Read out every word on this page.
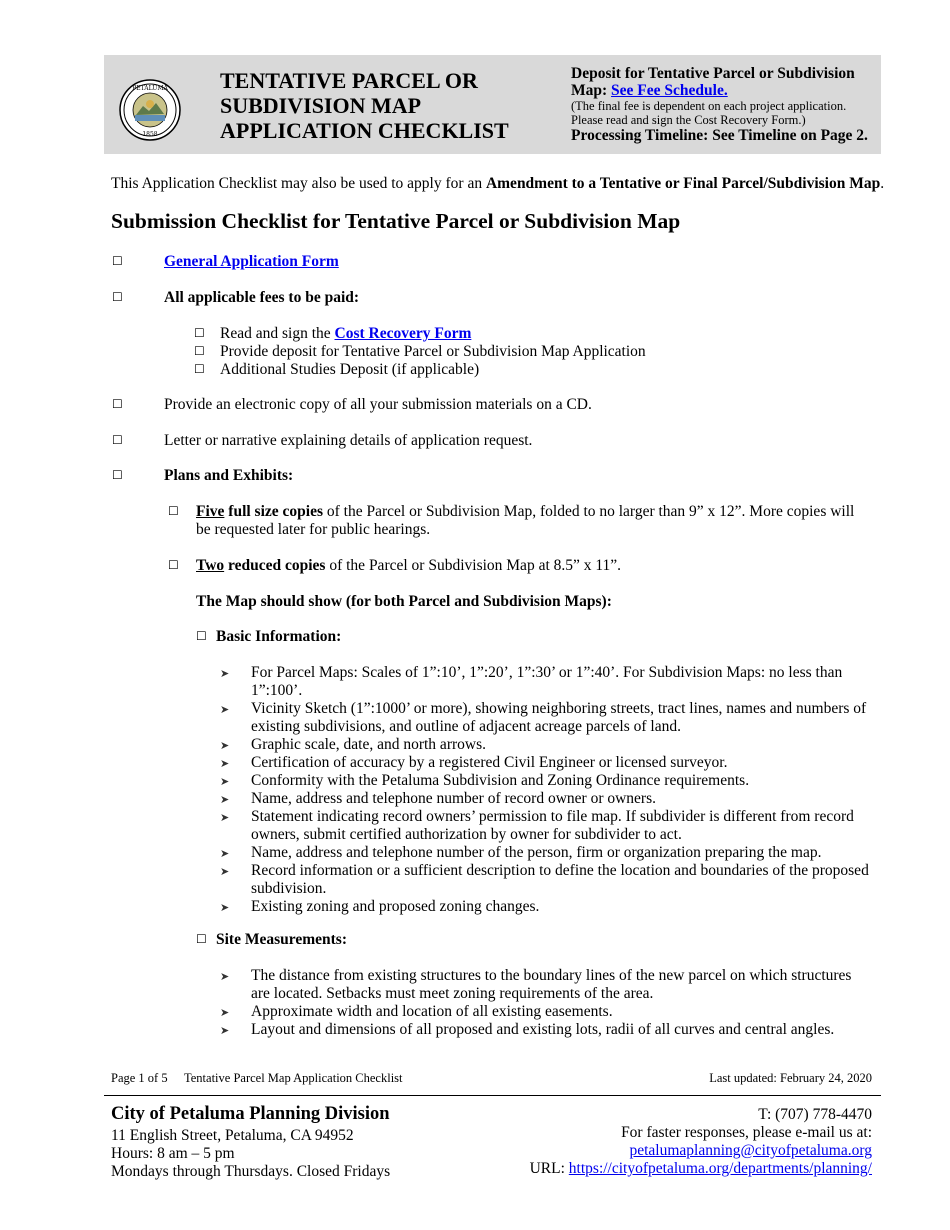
PETALUMA
1858
TENTATIVE PARCEL OR
SUBDIVISION MAP
APPLICATION CHECKLIST
Deposit for Tentative Parcel or Subdivision
Map: See Fee Schedule.
(The final fee is dependent on each project application.
Please read and sign the Cost Recovery Form.)
Processing Timeline: See Timeline on Page 2.
This Application Checklist may also be used to apply for an Amendment to a Tentative or Final Parcel/Subdivision Map.
Submission Checklist for Tentative Parcel or Subdivision Map
☐	General Application Form
☐	All applicable fees to be paid:
☐ Read and sign the Cost Recovery Form
☐ Provide deposit for Tentative Parcel or Subdivision Map Application
☐ Additional Studies Deposit (if applicable)
☐	Provide an electronic copy of all your submission materials on a CD.
☐	Letter or narrative explaining details of application request.
☐	Plans and Exhibits:
☐ Five full size copies of the Parcel or Subdivision Map, folded to no larger than 9” x 12”. More copies will
be requested later for public hearings.
☐ Two reduced copies of the Parcel or Subdivision Map at 8.5” x 11”.
The Map should show (for both Parcel and Subdivision Maps):
☐ Basic Information:
➤ For Parcel Maps: Scales of 1”:10’, 1”:20’, 1”:30’ or 1”:40’. For Subdivision Maps: no less than
1”:100’.
➤ Vicinity Sketch (1”:1000’ or more), showing neighboring streets, tract lines, names and numbers of
existing subdivisions, and outline of adjacent acreage parcels of land.
➤ Graphic scale, date, and north arrows.
➤ Certification of accuracy by a registered Civil Engineer or licensed surveyor.
➤ Conformity with the Petaluma Subdivision and Zoning Ordinance requirements.
➤ Name, address and telephone number of record owner or owners.
➤ Statement indicating record owners’ permission to file map. If subdivider is different from record
owners, submit certified authorization by owner for subdivider to act.
➤ Name, address and telephone number of the person, firm or organization preparing the map.
➤ Record information or a sufficient description to define the location and boundaries of the proposed
subdivision.
➤ Existing zoning and proposed zoning changes.
☐ Site Measurements:
➤ The distance from existing structures to the boundary lines of the new parcel on which structures
are located. Setbacks must meet zoning requirements of the area.
➤ Approximate width and location of all existing easements.
➤ Layout and dimensions of all proposed and existing lots, radii of all curves and central angles.
Page 1 of 5 Tentative Parcel Map Application Checklist	Last updated: February 24, 2020
City of Petaluma Planning Division
11 English Street, Petaluma, CA 94952
Hours: 8 am – 5 pm
Mondays through Thursdays. Closed Fridays
T: (707) 778-4470
For faster responses, please e-mail us at:
petalumaplanning@cityofpetaluma.org
URL: https://cityofpetaluma.org/departments/planning/
